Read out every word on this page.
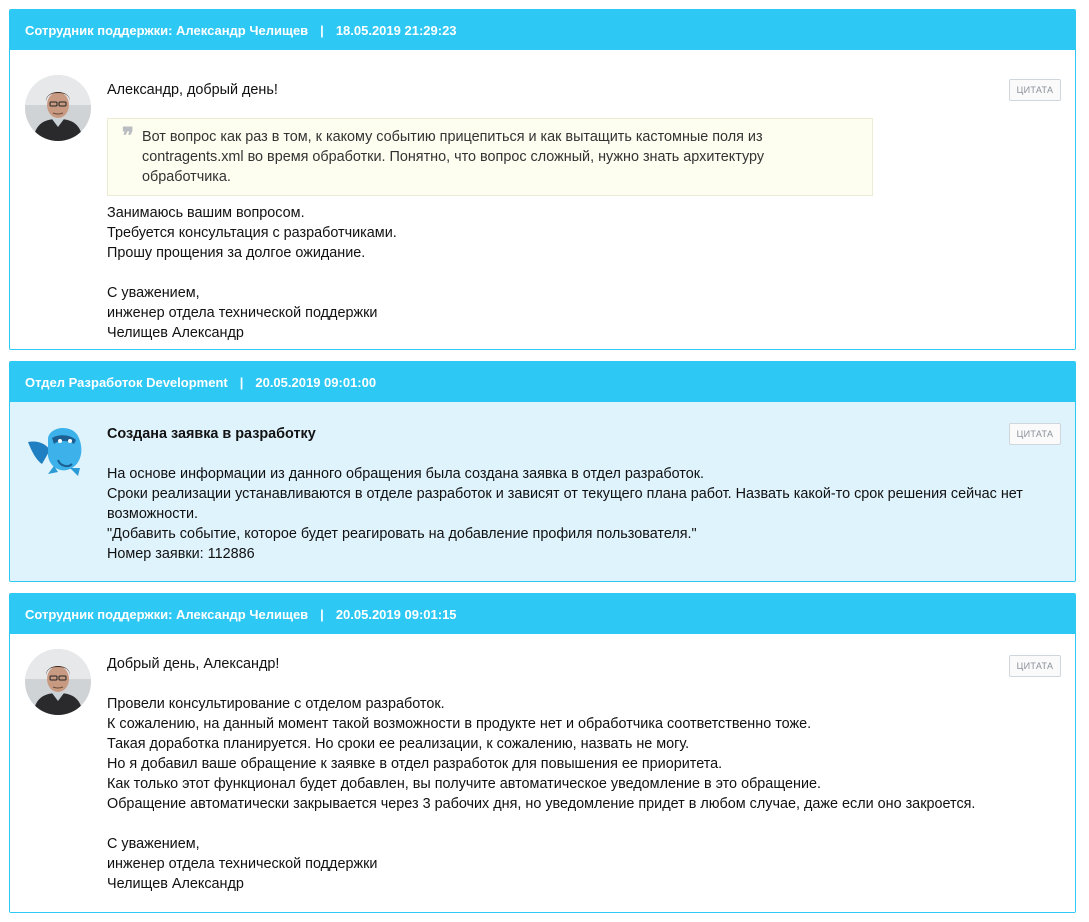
Сотрудник поддержки: Александр Челищев | 18.05.2019 21:29:23
Александр, добрый день!
❞ Вот вопрос как раз в том, к какому событию прицепиться и как вытащить кастомные поля из contragents.xml во время обработки. Понятно, что вопрос сложный, нужно знать архитектуру обработчика.
Занимаюсь вашим вопросом.
Требуется консультация с разработчиками.
Прошу прощения за долгое ожидание.
С уважением,
инженер отдела технической поддержки
Челищев Александр
ЦИТАТА
Отдел Разработок Development | 20.05.2019 09:01:00
Создана заявка в разработку
На основе информации из данного обращения была создана заявка в отдел разработок.
Сроки реализации устанавливаются в отделе разработок и зависят от текущего плана работ. Назвать какой-то срок решения сейчас нет возможности.
"Добавить событие, которое будет реагировать на добавление профиля пользователя."
Номер заявки: 112886
ЦИТАТА
Сотрудник поддержки: Александр Челищев | 20.05.2019 09:01:15
Добрый день, Александр!
Провели консультирование с отделом разработок.
К сожалению, на данный момент такой возможности в продукте нет и обработчика соответственно тоже.
Такая доработка планируется. Но сроки ее реализации, к сожалению, назвать не могу.
Но я добавил ваше обращение к заявке в отдел разработок для повышения ее приоритета.
Как только этот функционал будет добавлен, вы получите автоматическое уведомление в это обращение.
Обращение автоматически закрывается через 3 рабочих дня, но уведомление придет в любом случае, даже если оно закроется.
С уважением,
инженер отдела технической поддержки
Челищев Александр
ЦИТАТА
